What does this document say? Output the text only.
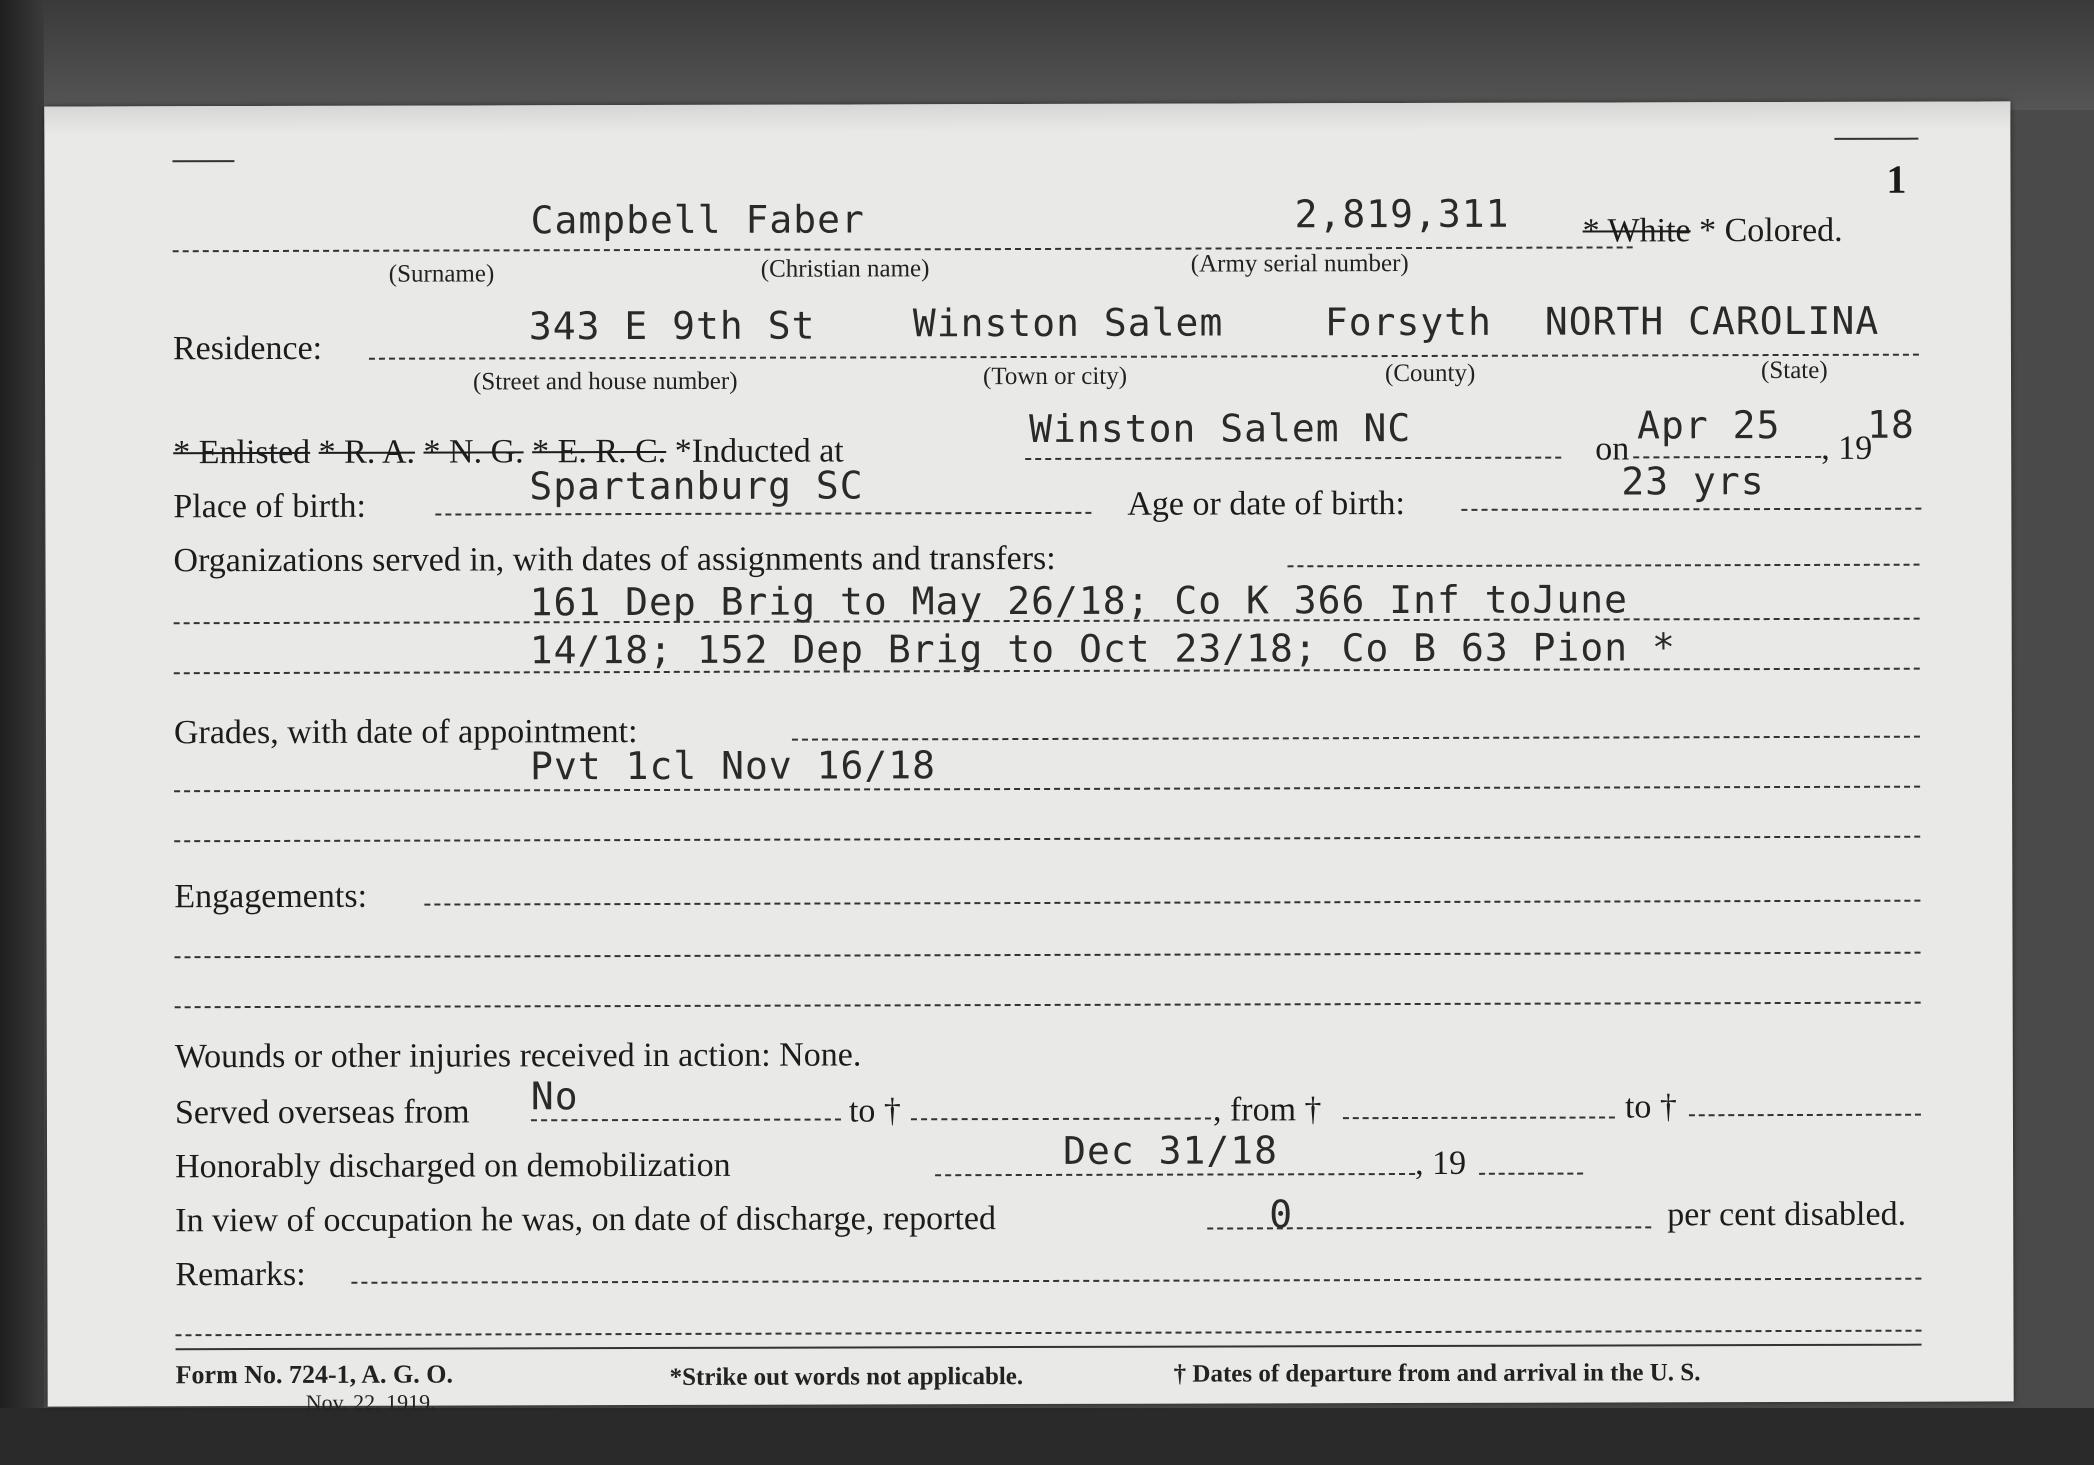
1
Campbell Faber	2,819,311 * White * Colored.
(Surname)	(Christian name)	(Army serial number)
Residence:
343 E 9th St	Winston Salem	Forsyth NORTH CAROLINA
(Street and house number)	(Town or city)	(County)	(State)
* Enlisted * R. A. * N. G. * E. R. C. *Inducted at
Winston Salem NC	on
Apr 25
, 19
18
Place of birth:	Spartanburg SC	Age or date of birth:
23 yrs
Organizations served in, with dates of assignments and transfers:
161 Dep Brig to May 26/18; Co K 366 Inf toJune
14/18; 152 Dep Brig to Oct 23/18; Co B 63 Pion *
Grades, with date of appointment:
Pvt 1cl Nov 16/18
Engagements:
Wounds or other injuries received in action: None.
Served overseas from No	to †	, from †	to †
Honorably discharged on demobilization	Dec 31/18	, 19
In view of occupation he was, on date of discharge, reported	0	per cent disabled.
Remarks:
Form No. 724-1, A. G. O.
Nov. 22, 1919.
*Strike out words not applicable.	† Dates of departure from and arrival in the U. S.
